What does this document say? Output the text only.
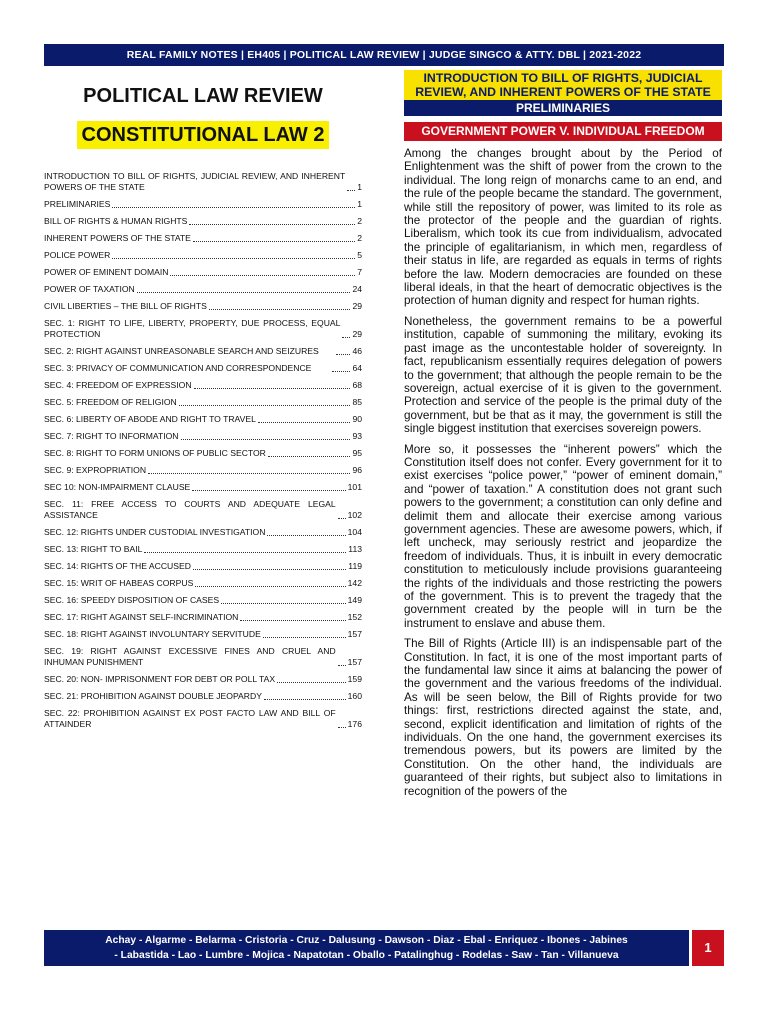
REAL FAMILY NOTES | EH405 | POLITICAL LAW REVIEW | JUDGE SINGCO & ATTY. DBL | 2021-2022
POLITICAL LAW REVIEW
CONSTITUTIONAL LAW 2
INTRODUCTION TO BILL OF RIGHTS, JUDICIAL REVIEW, AND INHERENT POWERS OF THE STATE	1
PRELIMINARIES	1
BILL OF RIGHTS & HUMAN RIGHTS	2
INHERENT POWERS OF THE STATE	2
POLICE POWER	5
POWER OF EMINENT DOMAIN	7
POWER OF TAXATION	24
CIVIL LIBERTIES – THE BILL OF RIGHTS	29
SEC. 1: RIGHT TO LIFE, LIBERTY, PROPERTY, DUE PROCESS, EQUAL PROTECTION	29
SEC. 2: RIGHT AGAINST UNREASONABLE SEARCH AND SEIZURES	46
SEC. 3: PRIVACY OF COMMUNICATION AND CORRESPONDENCE	64
SEC. 4: FREEDOM OF EXPRESSION	68
SEC. 5: FREEDOM OF RELIGION	85
SEC. 6: LIBERTY OF ABODE AND RIGHT TO TRAVEL	90
SEC. 7: RIGHT TO INFORMATION	93
SEC. 8: RIGHT TO FORM UNIONS OF PUBLIC SECTOR	95
SEC. 9: EXPROPRIATION	96
SEC 10: NON-IMPAIRMENT CLAUSE	101
SEC. 11: FREE ACCESS TO COURTS AND ADEQUATE LEGAL ASSISTANCE	102
SEC. 12: RIGHTS UNDER CUSTODIAL INVESTIGATION	104
SEC. 13: RIGHT TO BAIL	113
SEC. 14: RIGHTS OF THE ACCUSED	119
SEC. 15: WRIT OF HABEAS CORPUS	142
SEC. 16: SPEEDY DISPOSITION OF CASES	149
SEC. 17: RIGHT AGAINST SELF-INCRIMINATION	152
SEC. 18: RIGHT AGAINST INVOLUNTARY SERVITUDE	157
SEC. 19: RIGHT AGAINST EXCESSIVE FINES AND CRUEL AND INHUMAN PUNISHMENT	157
SEC. 20: NON- IMPRISONMENT FOR DEBT OR POLL TAX	159
SEC. 21: PROHIBITION AGAINST DOUBLE JEOPARDY	160
SEC. 22: PROHIBITION AGAINST EX POST FACTO LAW AND BILL OF ATTAINDER	176
INTRODUCTION TO BILL OF RIGHTS, JUDICIAL REVIEW, AND INHERENT POWERS OF THE STATE
PRELIMINARIES
GOVERNMENT POWER V. INDIVIDUAL FREEDOM

Among the changes brought about by the Period of Enlightenment was the shift of power from the crown to the individual. The long reign of monarchs came to an end, and the rule of the people became the standard. The government, while still the repository of power, was limited to its role as the protector of the people and the guardian of rights. Liberalism, which took its cue from individualism, advocated the principle of egalitarianism, in which men, regardless of their status in life, are regarded as equals in terms of rights before the law. Modern democracies are founded on these liberal ideals, in that the heart of democratic objectives is the protection of human dignity and respect for human rights.

Nonetheless, the government remains to be a powerful institution, capable of summoning the military, evoking its past image as the uncontestable holder of sovereignty. In fact, republicanism essentially requires delegation of powers to the government; that although the people remain to be the sovereign, actual exercise of it is given to the government. Protection and service of the people is the primal duty of the government, but be that as it may, the government is still the single biggest institution that exercises sovereign powers.

More so, it possesses the “inherent powers” which the Constitution itself does not confer. Every government for it to exist exercises “police power,” “power of eminent domain,” and “power of taxation.” A constitution does not grant such powers to the government; a constitution can only define and delimit them and allocate their exercise among various government agencies. These are awesome powers, which, if left uncheck, may seriously restrict and jeopardize the freedom of individuals. Thus, it is inbuilt in every democratic constitution to meticulously include provisions guaranteeing the rights of the individuals and those restricting the powers of the government. This is to prevent the tragedy that the government created by the people will in turn be the instrument to enslave and abuse them.

The Bill of Rights (Article III) is an indispensable part of the Constitution. In fact, it is one of the most important parts of the fundamental law since it aims at balancing the power of the government and the various freedoms of the individual. As will be seen below, the Bill of Rights provide for two things: first, restrictions directed against the state, and, second, explicit identification and limitation of rights of the individuals. On the one hand, the government exercises its tremendous powers, but its powers are limited by the Constitution. On the other hand, the individuals are guaranteed of their rights, but subject also to limitations in recognition of the powers of the

Achay - Algarme - Belarma - Cristoria - Cruz - Dalusung - Dawson - Diaz - Ebal - Enriquez - Ibones - Jabines
- Labastida - Lao - Lumbre - Mojica - Napatotan - Oballo - Patalinghug - Rodelas - Saw - Tan - Villanueva
1
